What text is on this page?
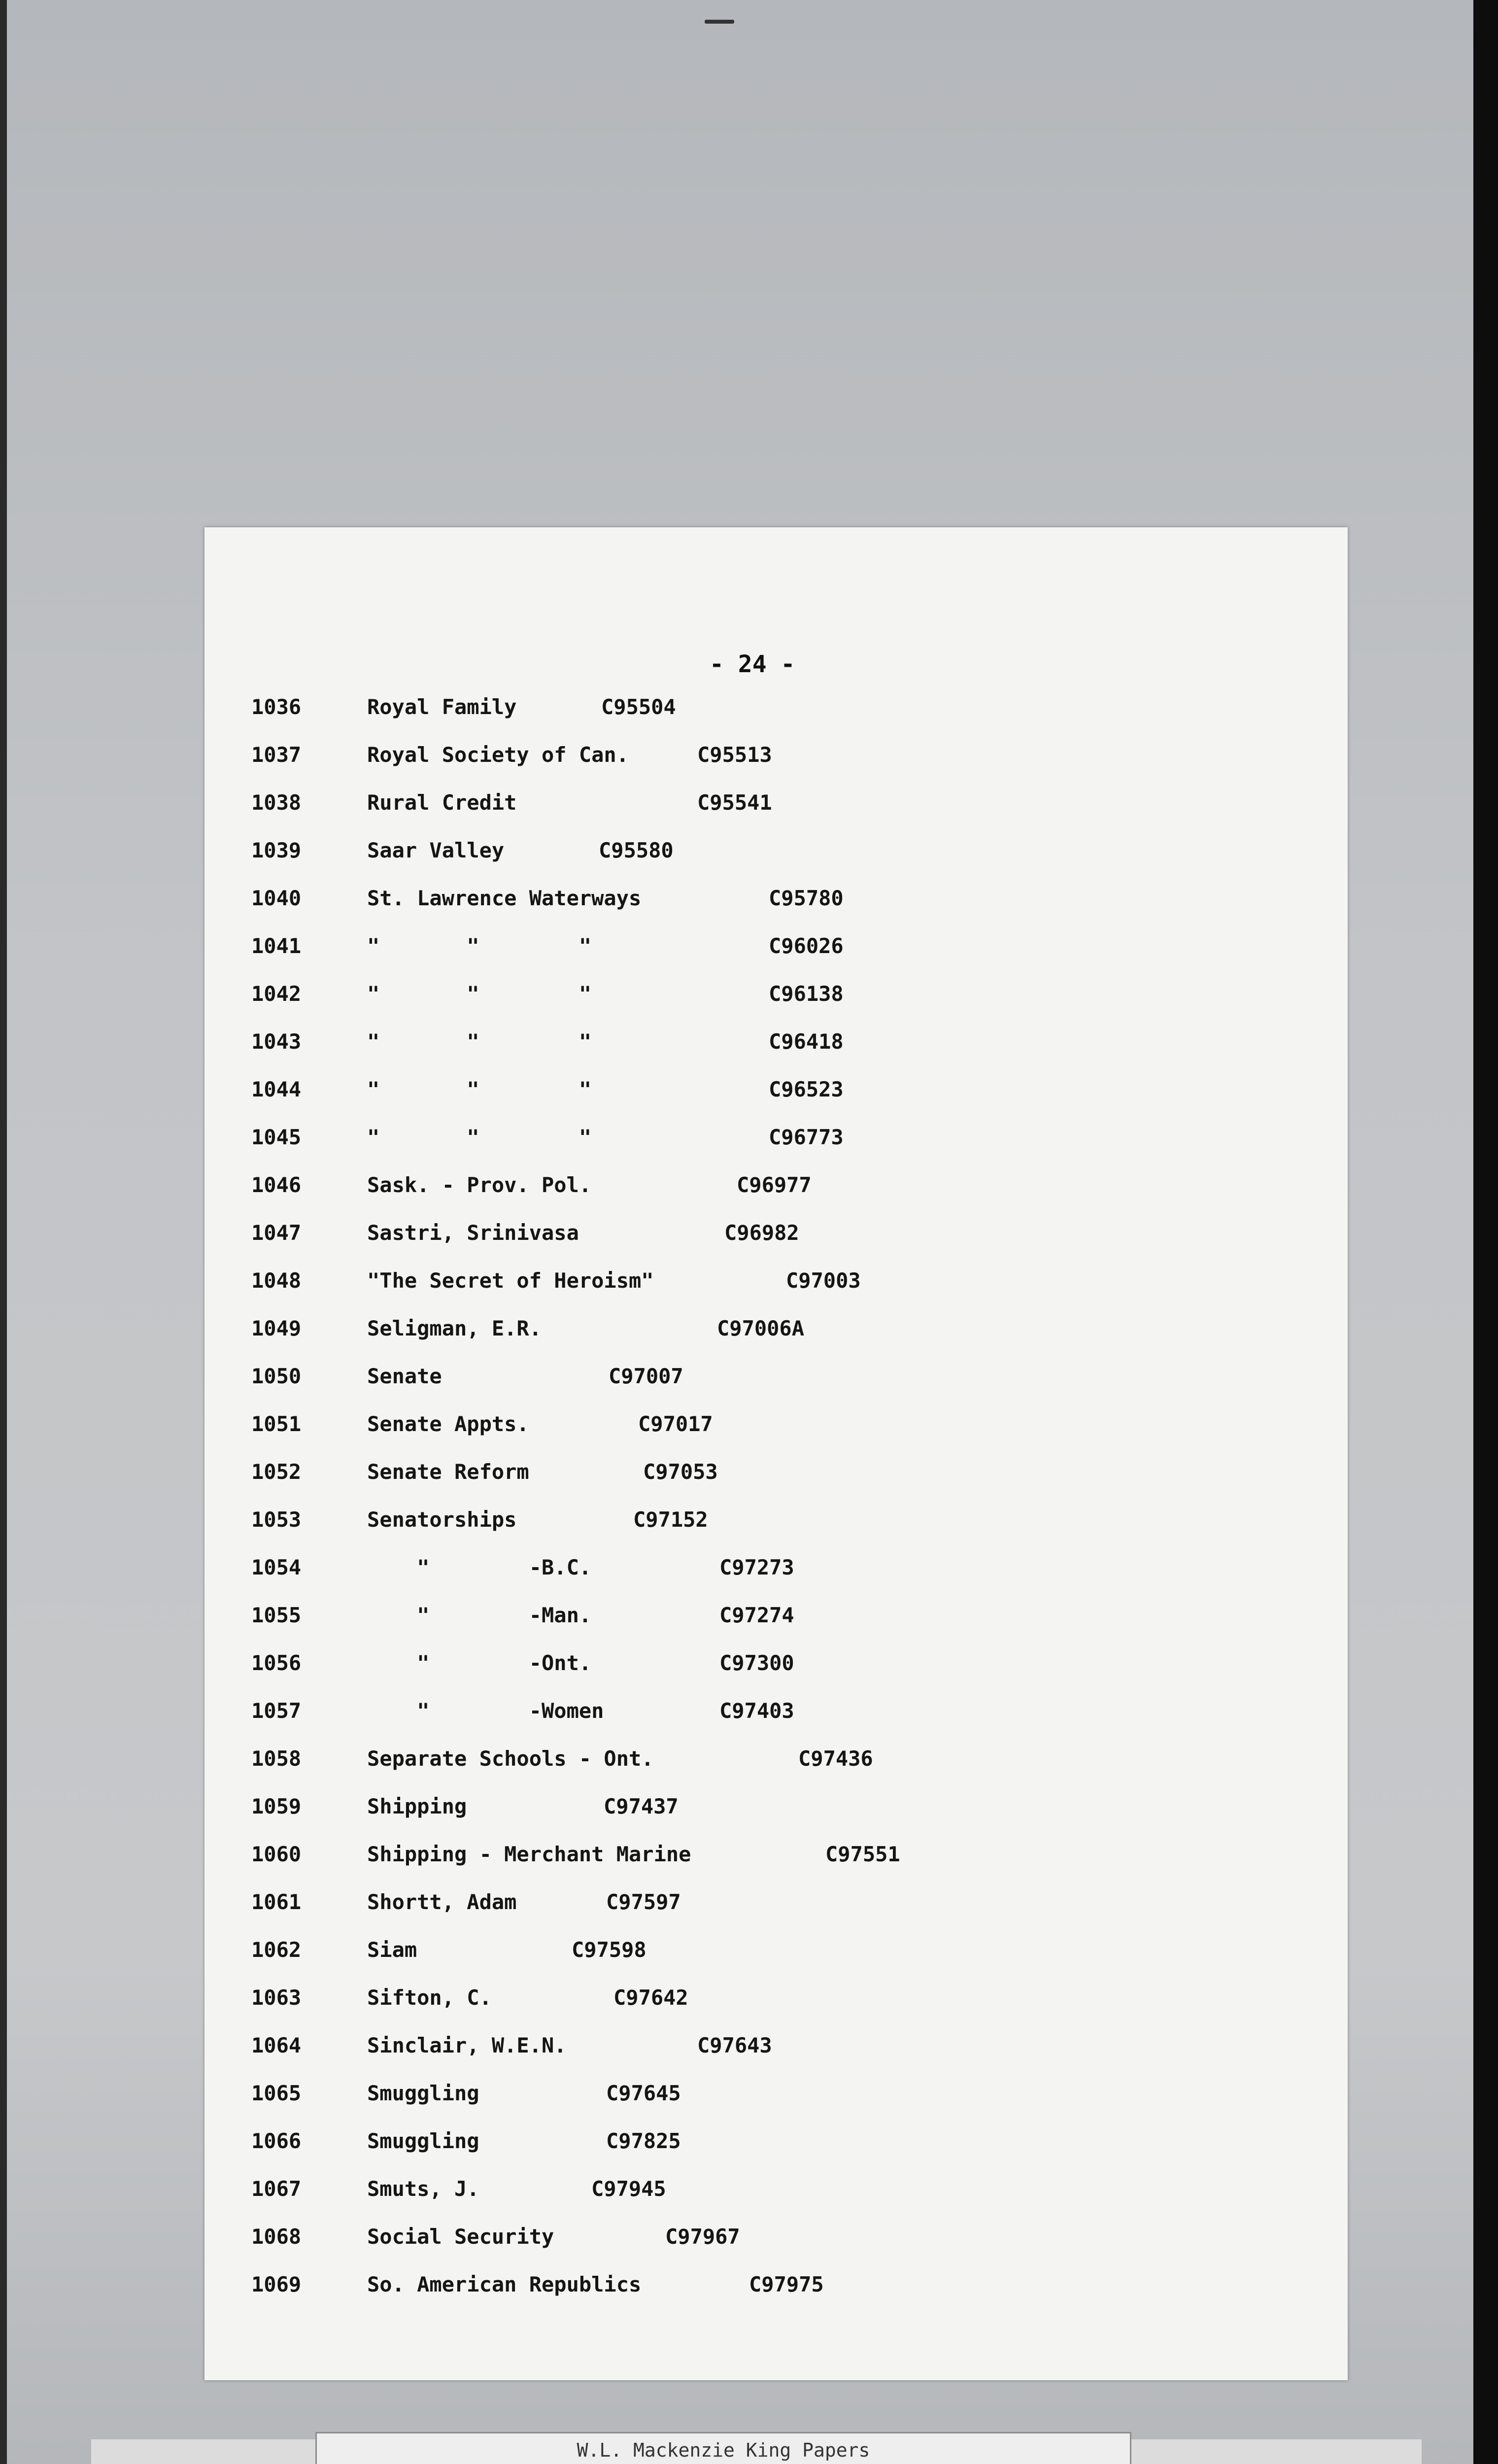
- 24 -
1036	Royal Family	C95504
1037	Royal Society of Can.	C95513
1038	Rural Credit	C95541
1039	Saar Valley	C95580
1040	St. Lawrence Waterways	C95780
1041	"       "        "	C96026
1042	"       "        "	C96138
1043	"       "        "	C96418
1044	"       "        "	C96523
1045	"       "        "	C96773
1046	Sask. - Prov. Pol.	C96977
1047	Sastri, Srinivasa	C96982
1048	"The Secret of Heroism"	C97003
1049	Seligman, E.R.	C97006A
1050	Senate	C97007
1051	Senate Appts.	C97017
1052	Senate Reform	C97053
1053	Senatorships	C97152
1054	"        -B.C.	C97273
1055	"        -Man.	C97274
1056	"        -Ont.	C97300
1057	"        -Women	C97403
1058	Separate Schools - Ont.	C97436
1059	Shipping	C97437
1060	Shipping - Merchant Marine	C97551
1061	Shortt, Adam	C97597
1062	Siam	C97598
1063	Sifton, C.	C97642
1064	Sinclair, W.E.N.	C97643
1065	Smuggling	C97645
1066	Smuggling	C97825
1067	Smuts, J.	C97945
1068	Social Security	C97967
1069	So. American Republics	C97975
W.L. Mackenzie King Papers
